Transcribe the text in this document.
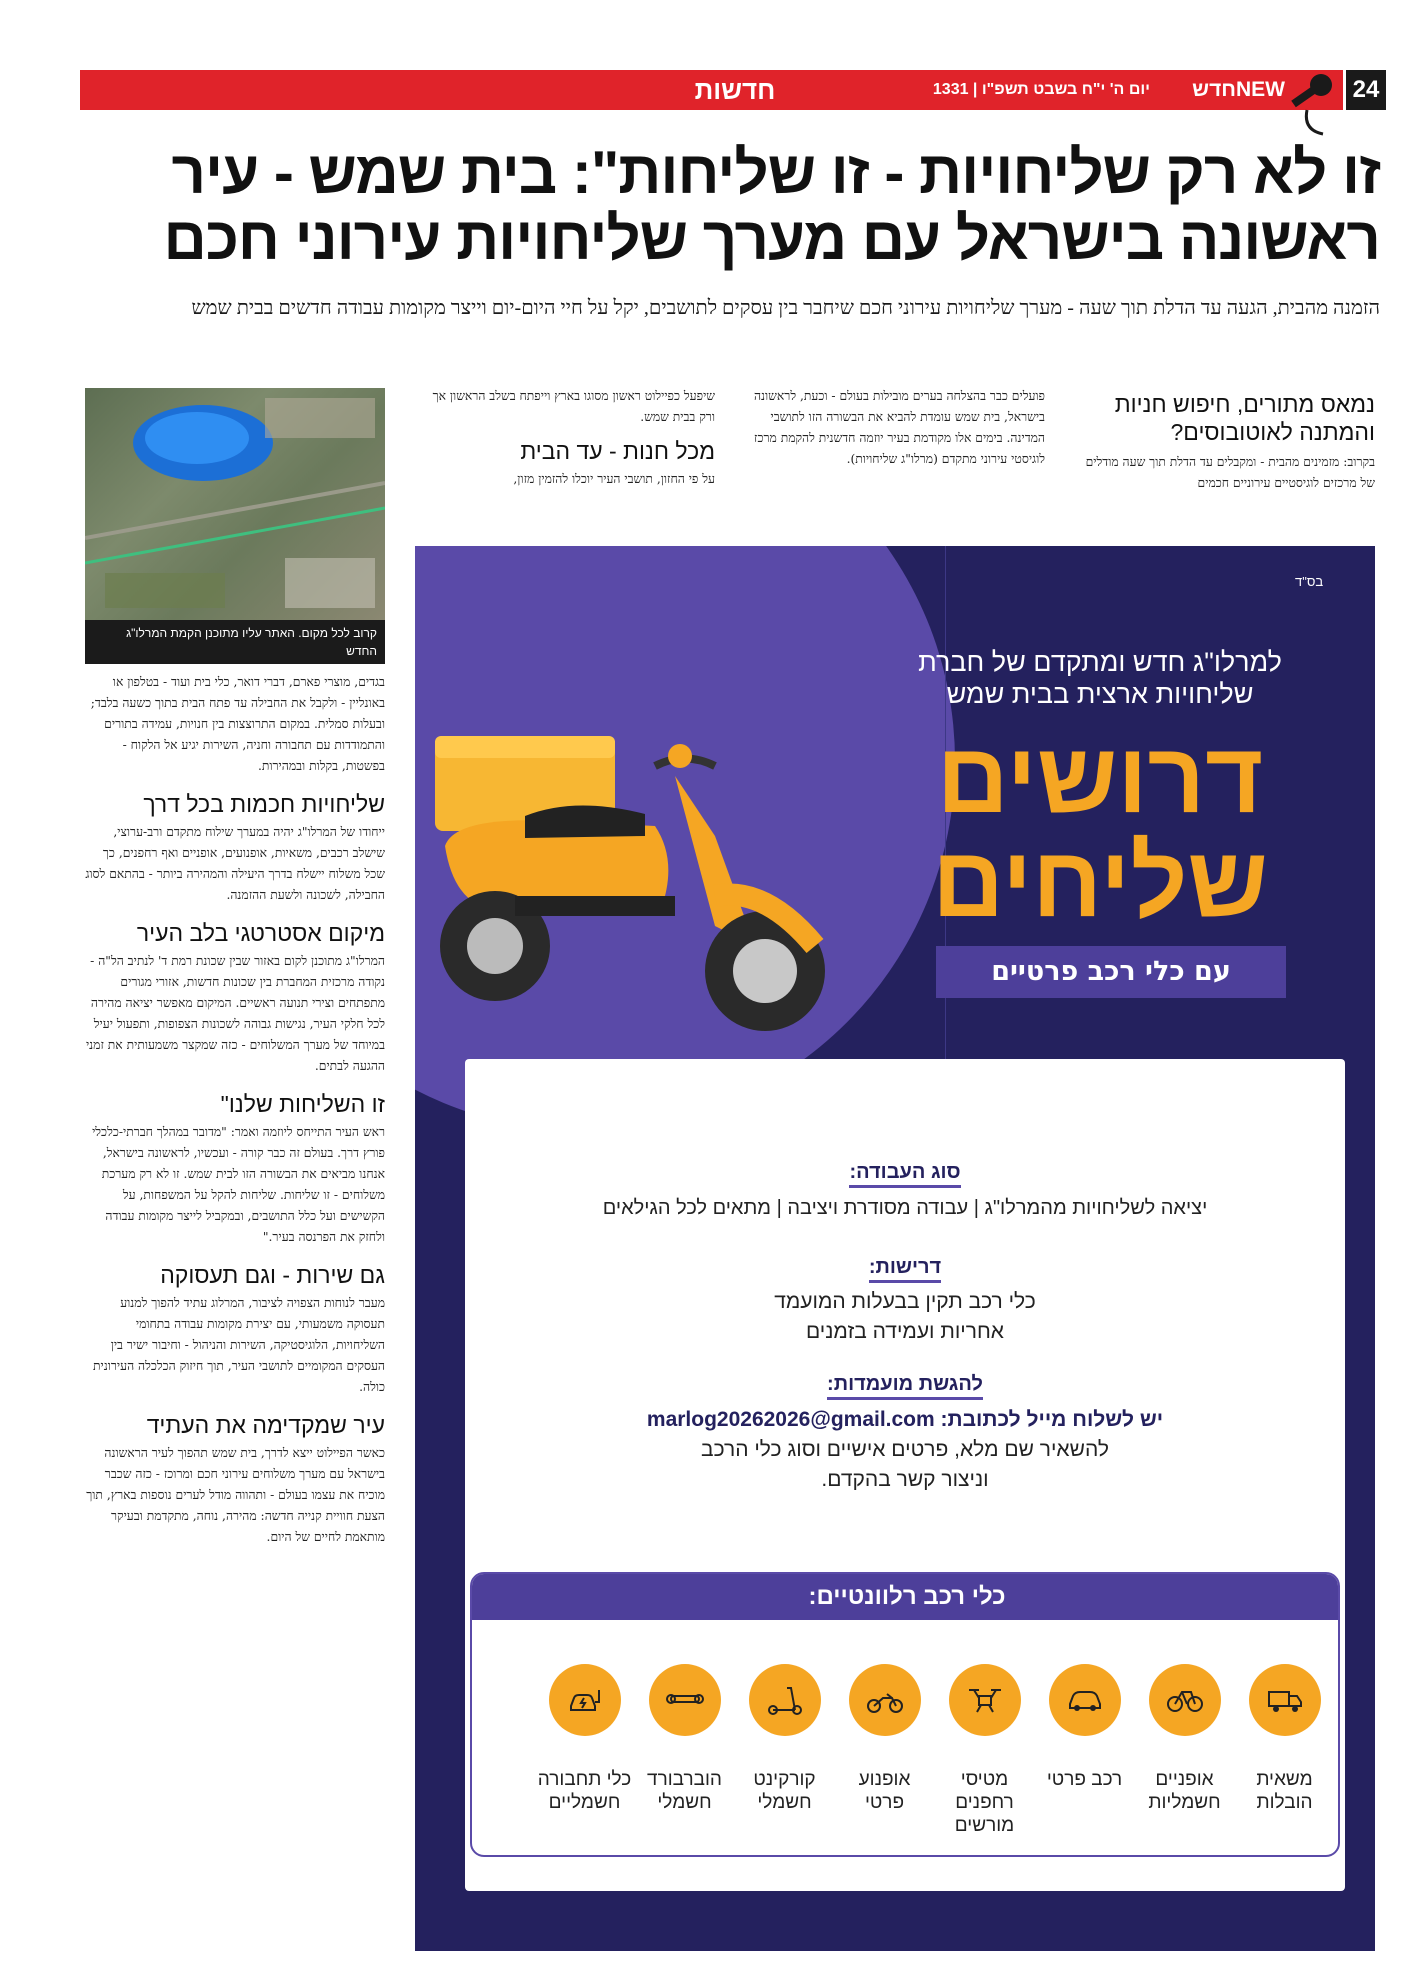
חדשות	יום ה' י"ח בשבט תשפ"ו | 1331	חדשNEW	24
זו לא רק שליחויות - זו שליחות": בית שמש - עיר
ראשונה בישראל עם מערך שליחויות עירוני חכם
הזמנה מהבית, הגעה עד הדלת תוך שעה - מערך שליחויות עירוני חכם שיחבר בין עסקים לתושבים, יקל על חיי היום-יום וייצר מקומות עבודה חדשים בבית שמש
נמאס מתורים, חיפוש חניות והמתנה לאוטובוסים?
בקרוב: מזמינים מהבית - ומקבלים עד הדלת תוך שעה מודלים של מרכזים לוגיסטיים עירוניים חכמים
פועלים כבר בהצלחה בערים מובילות בעולם - וכעת, לראשונה בישראל, בית שמש עומדת להביא את הבשורה הזו לתושבי המדינה. בימים אלו מקודמת בעיר יוזמה חדשנית להקמת מרכז לוגיסטי עירוני מתקדם (מרלו"ג שליחויות).
שיפעל כפיילוט ראשון מסוגו בארץ וייפתח בשלב הראשון אך ורק בבית שמש.
מכל חנות - עד הבית
על פי החזון, תושבי העיר יוכלו להזמין מזון,
קרוב לכל מקום. האתר עליו מתוכנן הקמת המרלו"ג החדש
בגדים, מוצרי פארם, דברי דואר, כלי בית ועוד - בטלפון או באונליין - ולקבל את החבילה עד פתח הבית בתוך כשעה בלבד; ובעלות סמלית. במקום התרוצצות בין חנויות, עמידה בתורים והתמודדות עם תחבורה וחניה, השירות יגיע אל הלקוח - בפשטות, בקלות ובמהירות.
שליחויות חכמות בכל דרך
ייחודו של המרלו"ג יהיה במערך שילוח מתקדם ורב-ערוצי, שישלב רכבים, משאיות, אופנועים, אופניים ואף רחפנים, כך שכל משלוח יישלח בדרך היעילה והמהירה ביותר - בהתאם לסוג החבילה, לשכונה ולשעת ההזמנה.
מיקום אסטרטגי בלב העיר
המרלו"ג מתוכנן לקום באזור שבין שכונת רמת ד' לנתיב הל"ה - נקודה מרכזית המחברת בין שכונות חדשות, אזורי מגורים מתפתחים וצירי תנועה ראשיים. המיקום מאפשר יציאה מהירה לכל חלקי העיר, נגישות גבוהה לשכונות הצפופות, ותפעול יעיל במיוחד של מערך המשלוחים - כזה שמקצר משמעותית את זמני ההגעה לבתים.
זו השליחות שלנו"
ראש העיר התייחס ליוזמה ואמר: "מדובר במהלך חברתי-כלכלי פורץ דרך. בעולם זה כבר קורה - ועכשיו, לראשונה בישראל, אנחנו מביאים את הבשורה הזו לבית שמש. זו לא רק מערכת משלוחים - זו שליחות. שליחות להקל על המשפחות, על הקשישים ועל כלל התושבים, ובמקביל לייצר מקומות עבודה ולחזק את הפרנסה בעיר."
גם שירות - וגם תעסוקה
מעבר לנוחות הצפויה לציבור, המרלוג עתיד להפוך למנוע תעסוקה משמעותי, עם יצירת מקומות עבודה בתחומי השליחויות, הלוגיסטיקה, השירות והניהול - וחיבור ישיר בין העסקים המקומיים לתושבי העיר, תוך חיזוק הכלכלה העירונית כולה.
עיר שמקדימה את העתיד
כאשר הפיילוט ייצא לדרך, בית שמש תהפוך לעיר הראשונה בישראל עם מערך משלוחים עירוני חכם ומרוכז - כזה שכבר מוכיח את עצמו בעולם - ותהווה מודל לערים נוספות בארץ, תוך הצעת חוויית קנייה חדשה: מהירה, נוחה, מתקדמת ובעיקר מותאמת לחיים של היום.
בס"ד
למרלו"ג חדש ומתקדם של חברת שליחויות ארצית בבית שמש
דרושים
שליחים
עם כלי רכב פרטיים
סוג העבודה:
יציאה לשליחויות מהמרלו"ג | עבודה מסודרת ויציבה | מתאים לכל הגילאים
דרישות:
כלי רכב תקין בבעלות המועמד
אחריות ועמידה בזמנים
להגשת מועמדות:
יש לשלוח מייל לכתובת: marlog20262026@gmail.com
להשאיר שם מלא, פרטים אישיים וסוג כלי הרכב
וניצור קשר בהקדם.
כלי רכב רלוונטיים:
משאית הובלות
אופניים חשמליות
רכב פרטי
מטיסי רחפנים מורשים
אופנוע פרטי
קורקינט חשמלי
הוברבורד חשמלי
כלי תחבורה חשמליים
